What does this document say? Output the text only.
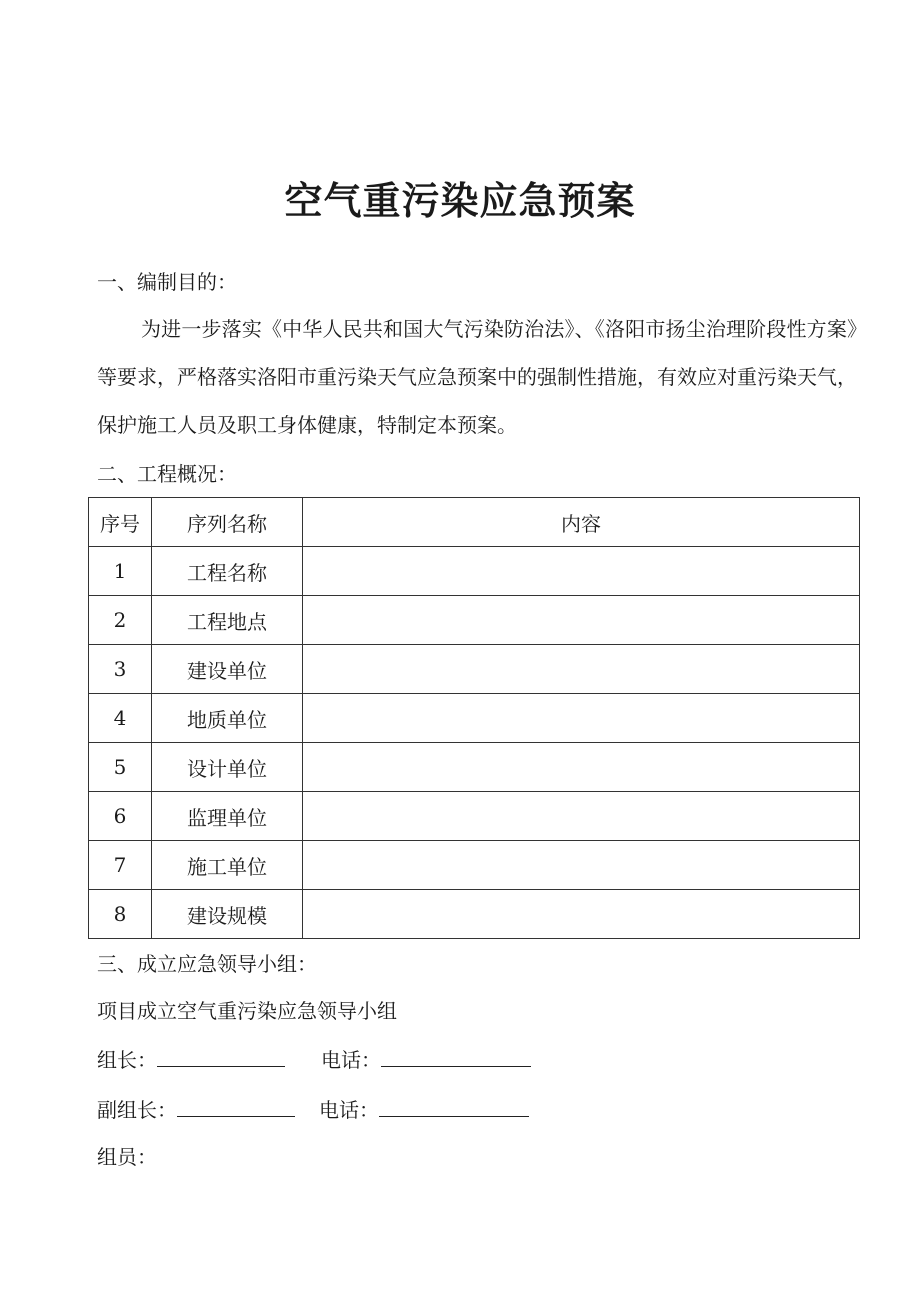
空气重污染应急预案

一、编制目的：

为进一步落实《中华人民共和国大气污染防治法》、《洛阳市扬尘治理阶段性方案》等要求，严格落实洛阳市重污染天气应急预案中的强制性措施，有效应对重污染天气，保护施工人员及职工身体健康，特制定本预案。

二、工程概况：

序号	序列名称	内容
1	工程名称	
2	工程地点	
3	建设单位	
4	地质单位	
5	设计单位	
6	监理单位	
7	施工单位	
8	建设规模	

三、成立应急领导小组：

项目成立空气重污染应急领导小组

组长：	电话：
副组长：	电话：

组员：
